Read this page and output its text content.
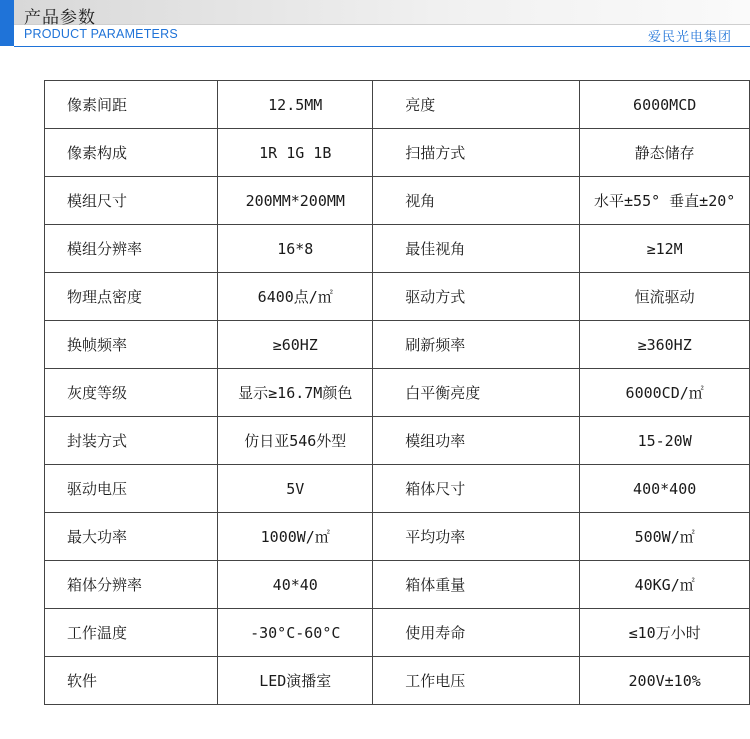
产品参数
PRODUCT PARAMETERS	爱民光电集团
像素间距	12.5MM	亮度	6000MCD
像素构成	1R 1G 1B	扫描方式	静态储存
模组尺寸	200MM*200MM	视角	水平±55° 垂直±20°
模组分辨率	16*8	最佳视角	≥12M
物理点密度	6400点/㎡	驱动方式	恒流驱动
换帧频率	≥60HZ	刷新频率	≥360HZ
灰度等级	显示≥16.7M颜色	白平衡亮度	6000CD/㎡
封装方式	仿日亚546外型	模组功率	15-20W
驱动电压	5V	箱体尺寸	400*400
最大功率	1000W/㎡	平均功率	500W/㎡
箱体分辨率	40*40	箱体重量	40KG/㎡
工作温度	-30°C-60°C	使用寿命	≤10万小时
软件	LED演播室	工作电压	200V±10%
